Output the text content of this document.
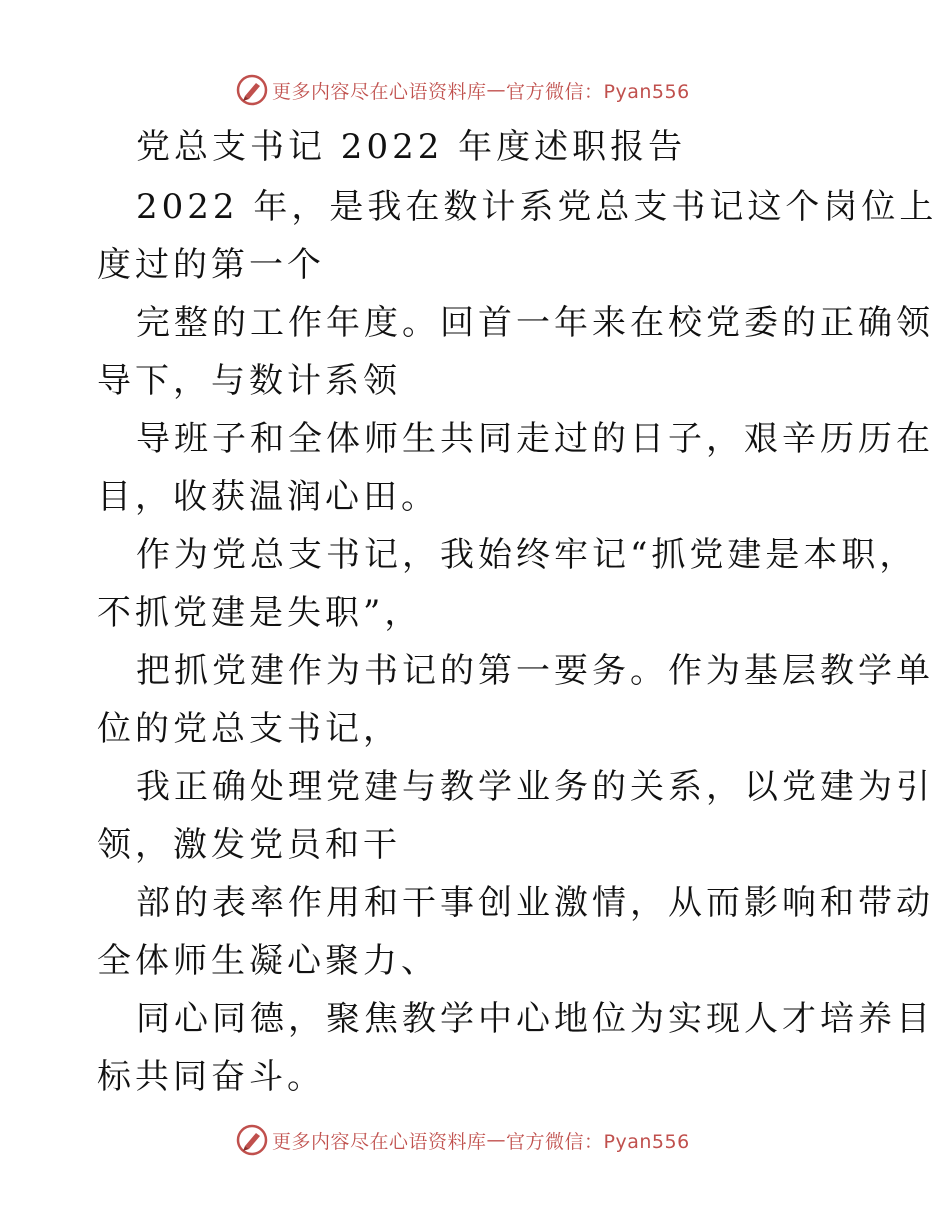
更多内容尽在心语资料库 — 官方微信：Pyan556
党总支书记 2022 年度述职报告
2022 年，是我在数计系党总支书记这个岗位上
度过的第一个
完整的工作年度。回首一年来在校党委的正确领
导下，与数计系领
导班子和全体师生共同走过的日子，艰辛历历在
目，收获温润心田。
作为党总支书记，我始终牢记“抓党建是本职，
不抓党建是失职”，
把抓党建作为书记的第一要务。作为基层教学单
位的党总支书记，
我正确处理党建与教学业务的关系，以党建为引
领，激发党员和干
部的表率作用和干事创业激情，从而影响和带动
全体师生凝心聚力、
同心同德，聚焦教学中心地位为实现人才培养目
标共同奋斗。
更多内容尽在心语资料库 — 官方微信：Pyan556
